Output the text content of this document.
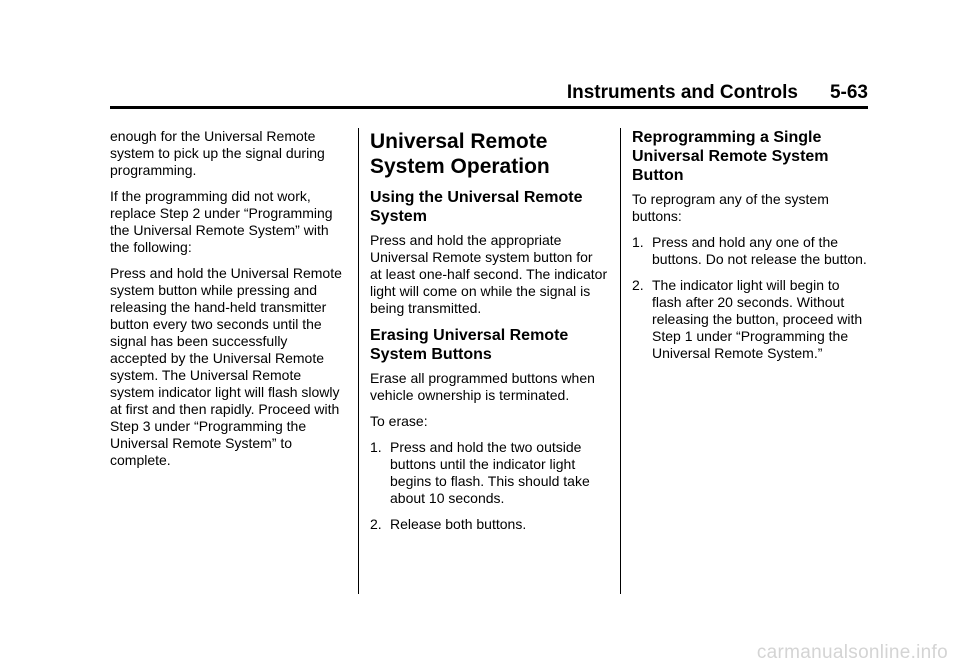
Instruments and Controls 5-63

enough for the Universal Remote system to pick up the signal during programming.

If the programming did not work, replace Step 2 under “Programming the Universal Remote System” with the following:

Press and hold the Universal Remote system button while pressing and releasing the hand-held transmitter button every two seconds until the signal has been successfully accepted by the Universal Remote system. The Universal Remote system indicator light will flash slowly at first and then rapidly. Proceed with Step 3 under “Programming the Universal Remote System” to complete.

Universal Remote System Operation
Using the Universal Remote System

Press and hold the appropriate Universal Remote system button for at least one-half second. The indicator light will come on while the signal is being transmitted.

Erasing Universal Remote System Buttons

Erase all programmed buttons when vehicle ownership is terminated.

To erase:

1. Press and hold the two outside buttons until the indicator light begins to flash. This should take about 10 seconds.
2. Release both buttons.
Reprogramming a Single Universal Remote System Button

To reprogram any of the system buttons:

1. Press and hold any one of the buttons. Do not release the button.
2. The indicator light will begin to flash after 20 seconds. Without releasing the button, proceed with Step 1 under “Programming the Universal Remote System.”
carmanualsonline.info
